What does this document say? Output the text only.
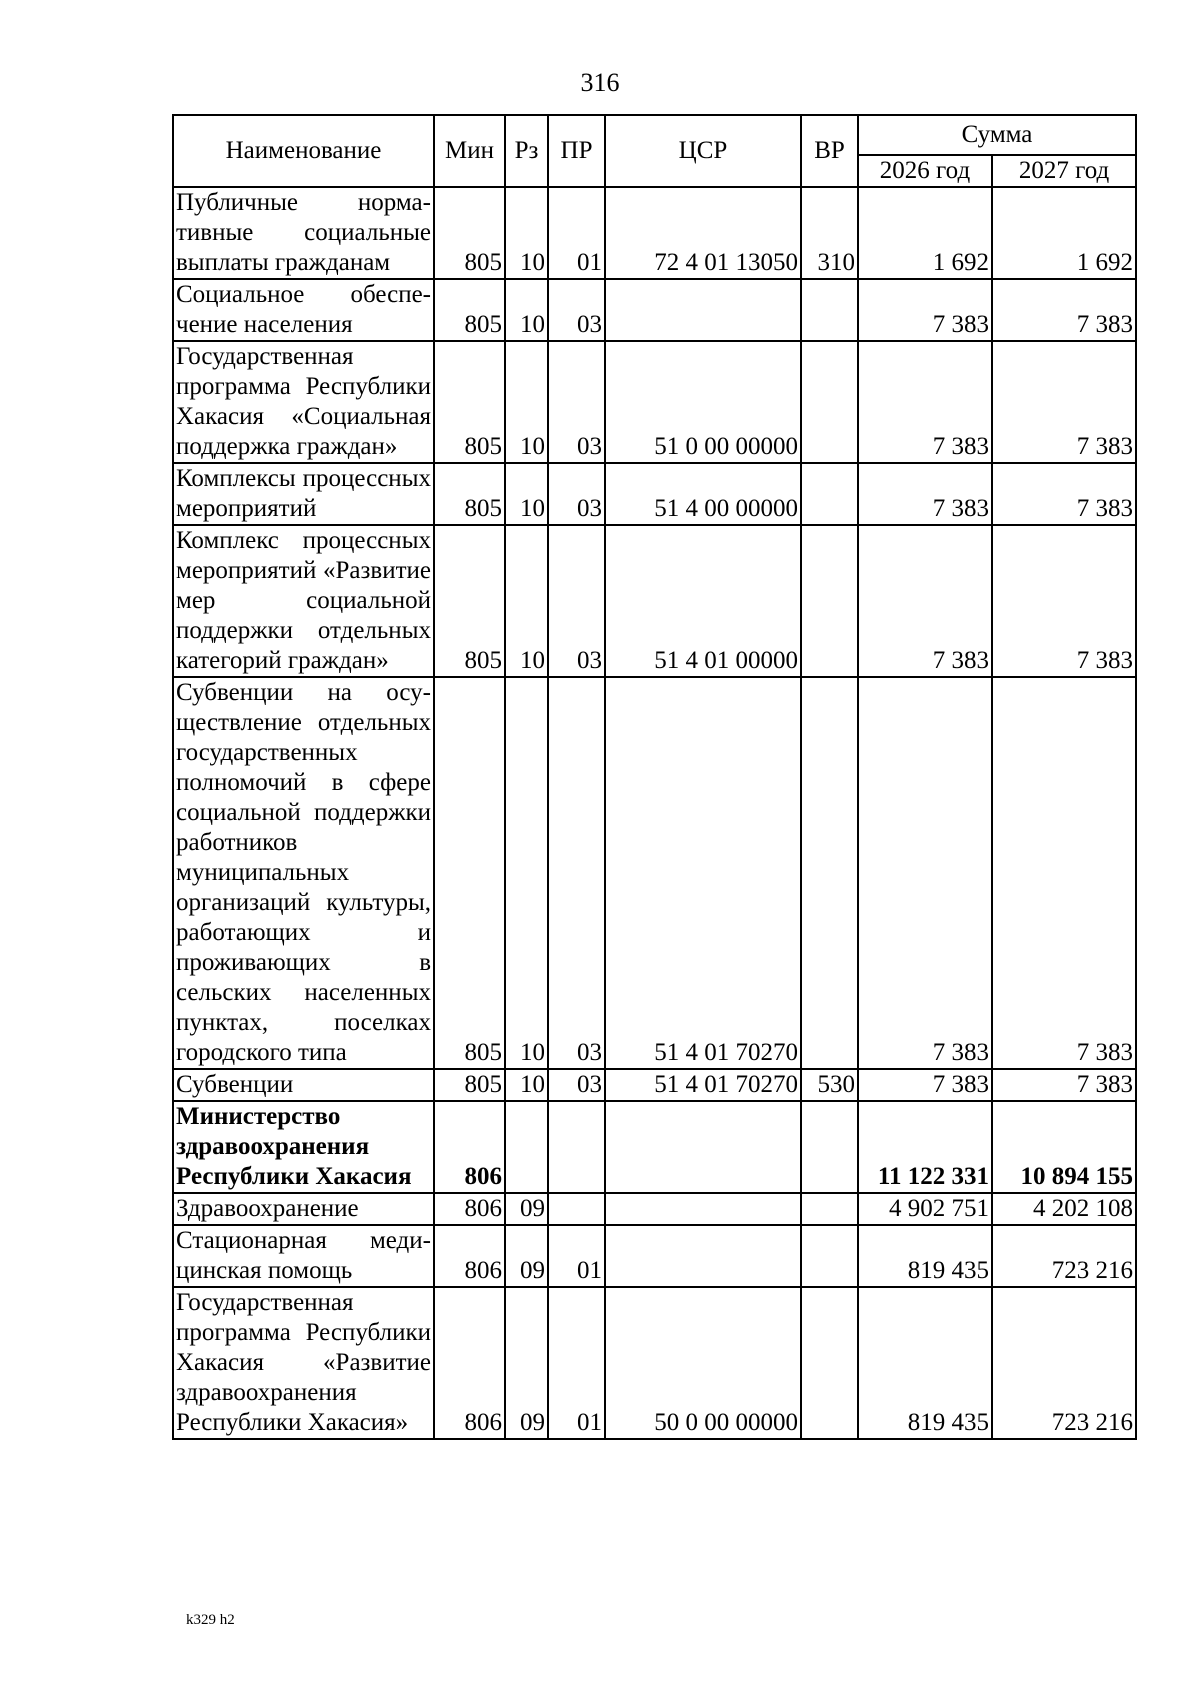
316
Наименование	Мин	Рз	ПР	ЦСР	ВР	Сумма	
						2026 год	2027 год
Публичные нормативные социальные выплаты гражданам	805	10	01	72 4 01 13050	310	1 692	1 692
Социальное обеспечение населения	805	10	03			7 383	7 383
Государственная программа Республики Хакасия «Социальная поддержка граждан»	805	10	03	51 0 00 00000		7 383	7 383
Комплексы процессных мероприятий	805	10	03	51 4 00 00000		7 383	7 383
Комплекс процессных мероприятий «Развитие мер социальной поддержки отдельных категорий граждан»	805	10	03	51 4 01 00000		7 383	7 383
Субвенции на осуществление отдельных государственных полномочий в сфере социальной поддержки работников муниципальных организаций культуры, работающих и проживающих в сельских населенных пунктах, поселках городского типа	805	10	03	51 4 01 70270		7 383	7 383
Субвенции	805	10	03	51 4 01 70270	530	7 383	7 383
Министерство здравоохранения Республики Хакасия	806					11 122 331	10 894 155
Здравоохранение	806	09				4 902 751	4 202 108
Стационарная медицинская помощь	806	09	01			819 435	723 216
Государственная программа Республики Хакасия «Развитие здравоохранения Республики Хакасия»	806	09	01	50 0 00 00000		819 435	723 216
k329 h2
